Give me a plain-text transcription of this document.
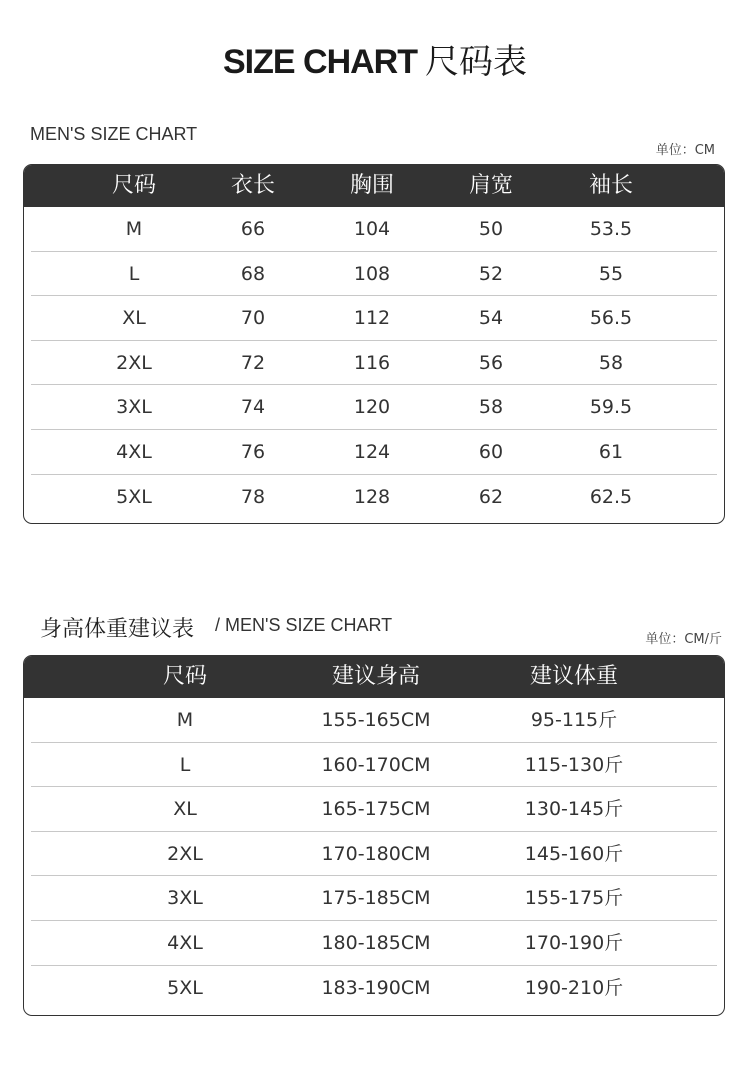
SIZE CHART 尺码表
MEN'S SIZE CHART
单位：CM
尺码	衣长	胸围	肩宽	袖长
M	66	104	50	53.5
L	68	108	52	55
XL	70	112	54	56.5
2XL	72	116	56	58
3XL	74	120	58	59.5
4XL	76	124	60	61
5XL	78	128	62	62.5
身高体重建议表 / MEN'S SIZE CHART
单位：CM/斤
尺码	建议身高	建议体重
M	155-165CM	95-115斤
L	160-170CM	115-130斤
XL	165-175CM	130-145斤
2XL	170-180CM	145-160斤
3XL	175-185CM	155-175斤
4XL	180-185CM	170-190斤
5XL	183-190CM	190-210斤
